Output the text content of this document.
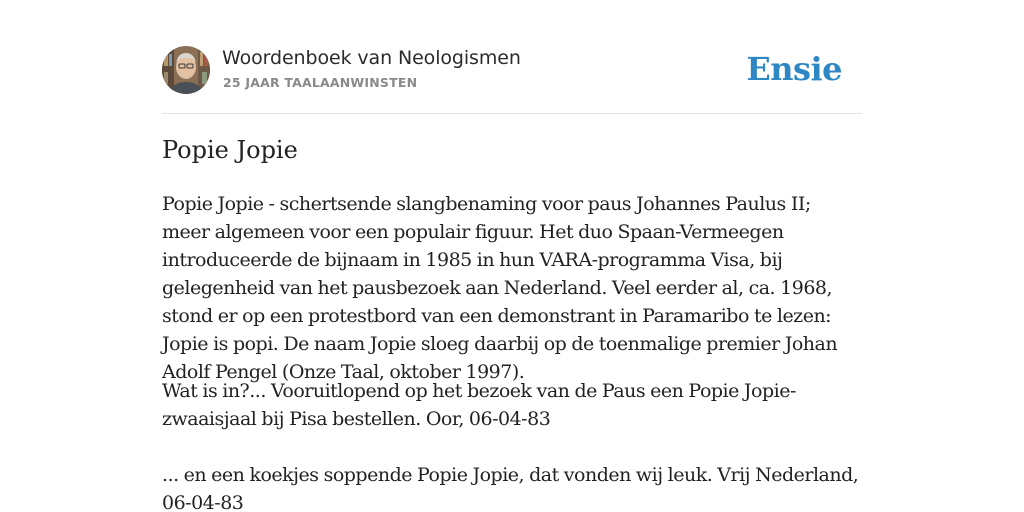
Woordenboek van Neologismen
25 JAAR TAALAANWINSTEN	Ensie
Popie Jopie

Popie Jopie - schertsende slangbenaming voor paus Johannes Paulus II; meer algemeen voor een populair figuur. Het duo Spaan-Vermeegen introduceerde de bijnaam in 1985 in hun VARA-programma Visa, bij gelegenheid van het pausbezoek aan Nederland. Veel eerder al, ca. 1968, stond er op een protestbord van een demonstrant in Paramaribo te lezen: Jopie is popi. De naam Jopie sloeg daarbij op de toenmalige premier Johan Adolf Pengel (Onze Taal, oktober 1997).

Wat is in?... Vooruitlopend op het bezoek van de Paus een Popie Jopie-zwaaisjaal bij Pisa bestellen. Oor, 06-04-83

... en een koekjes soppende Popie Jopie, dat vonden wij leuk. Vrij Nederland, 06-04-83
